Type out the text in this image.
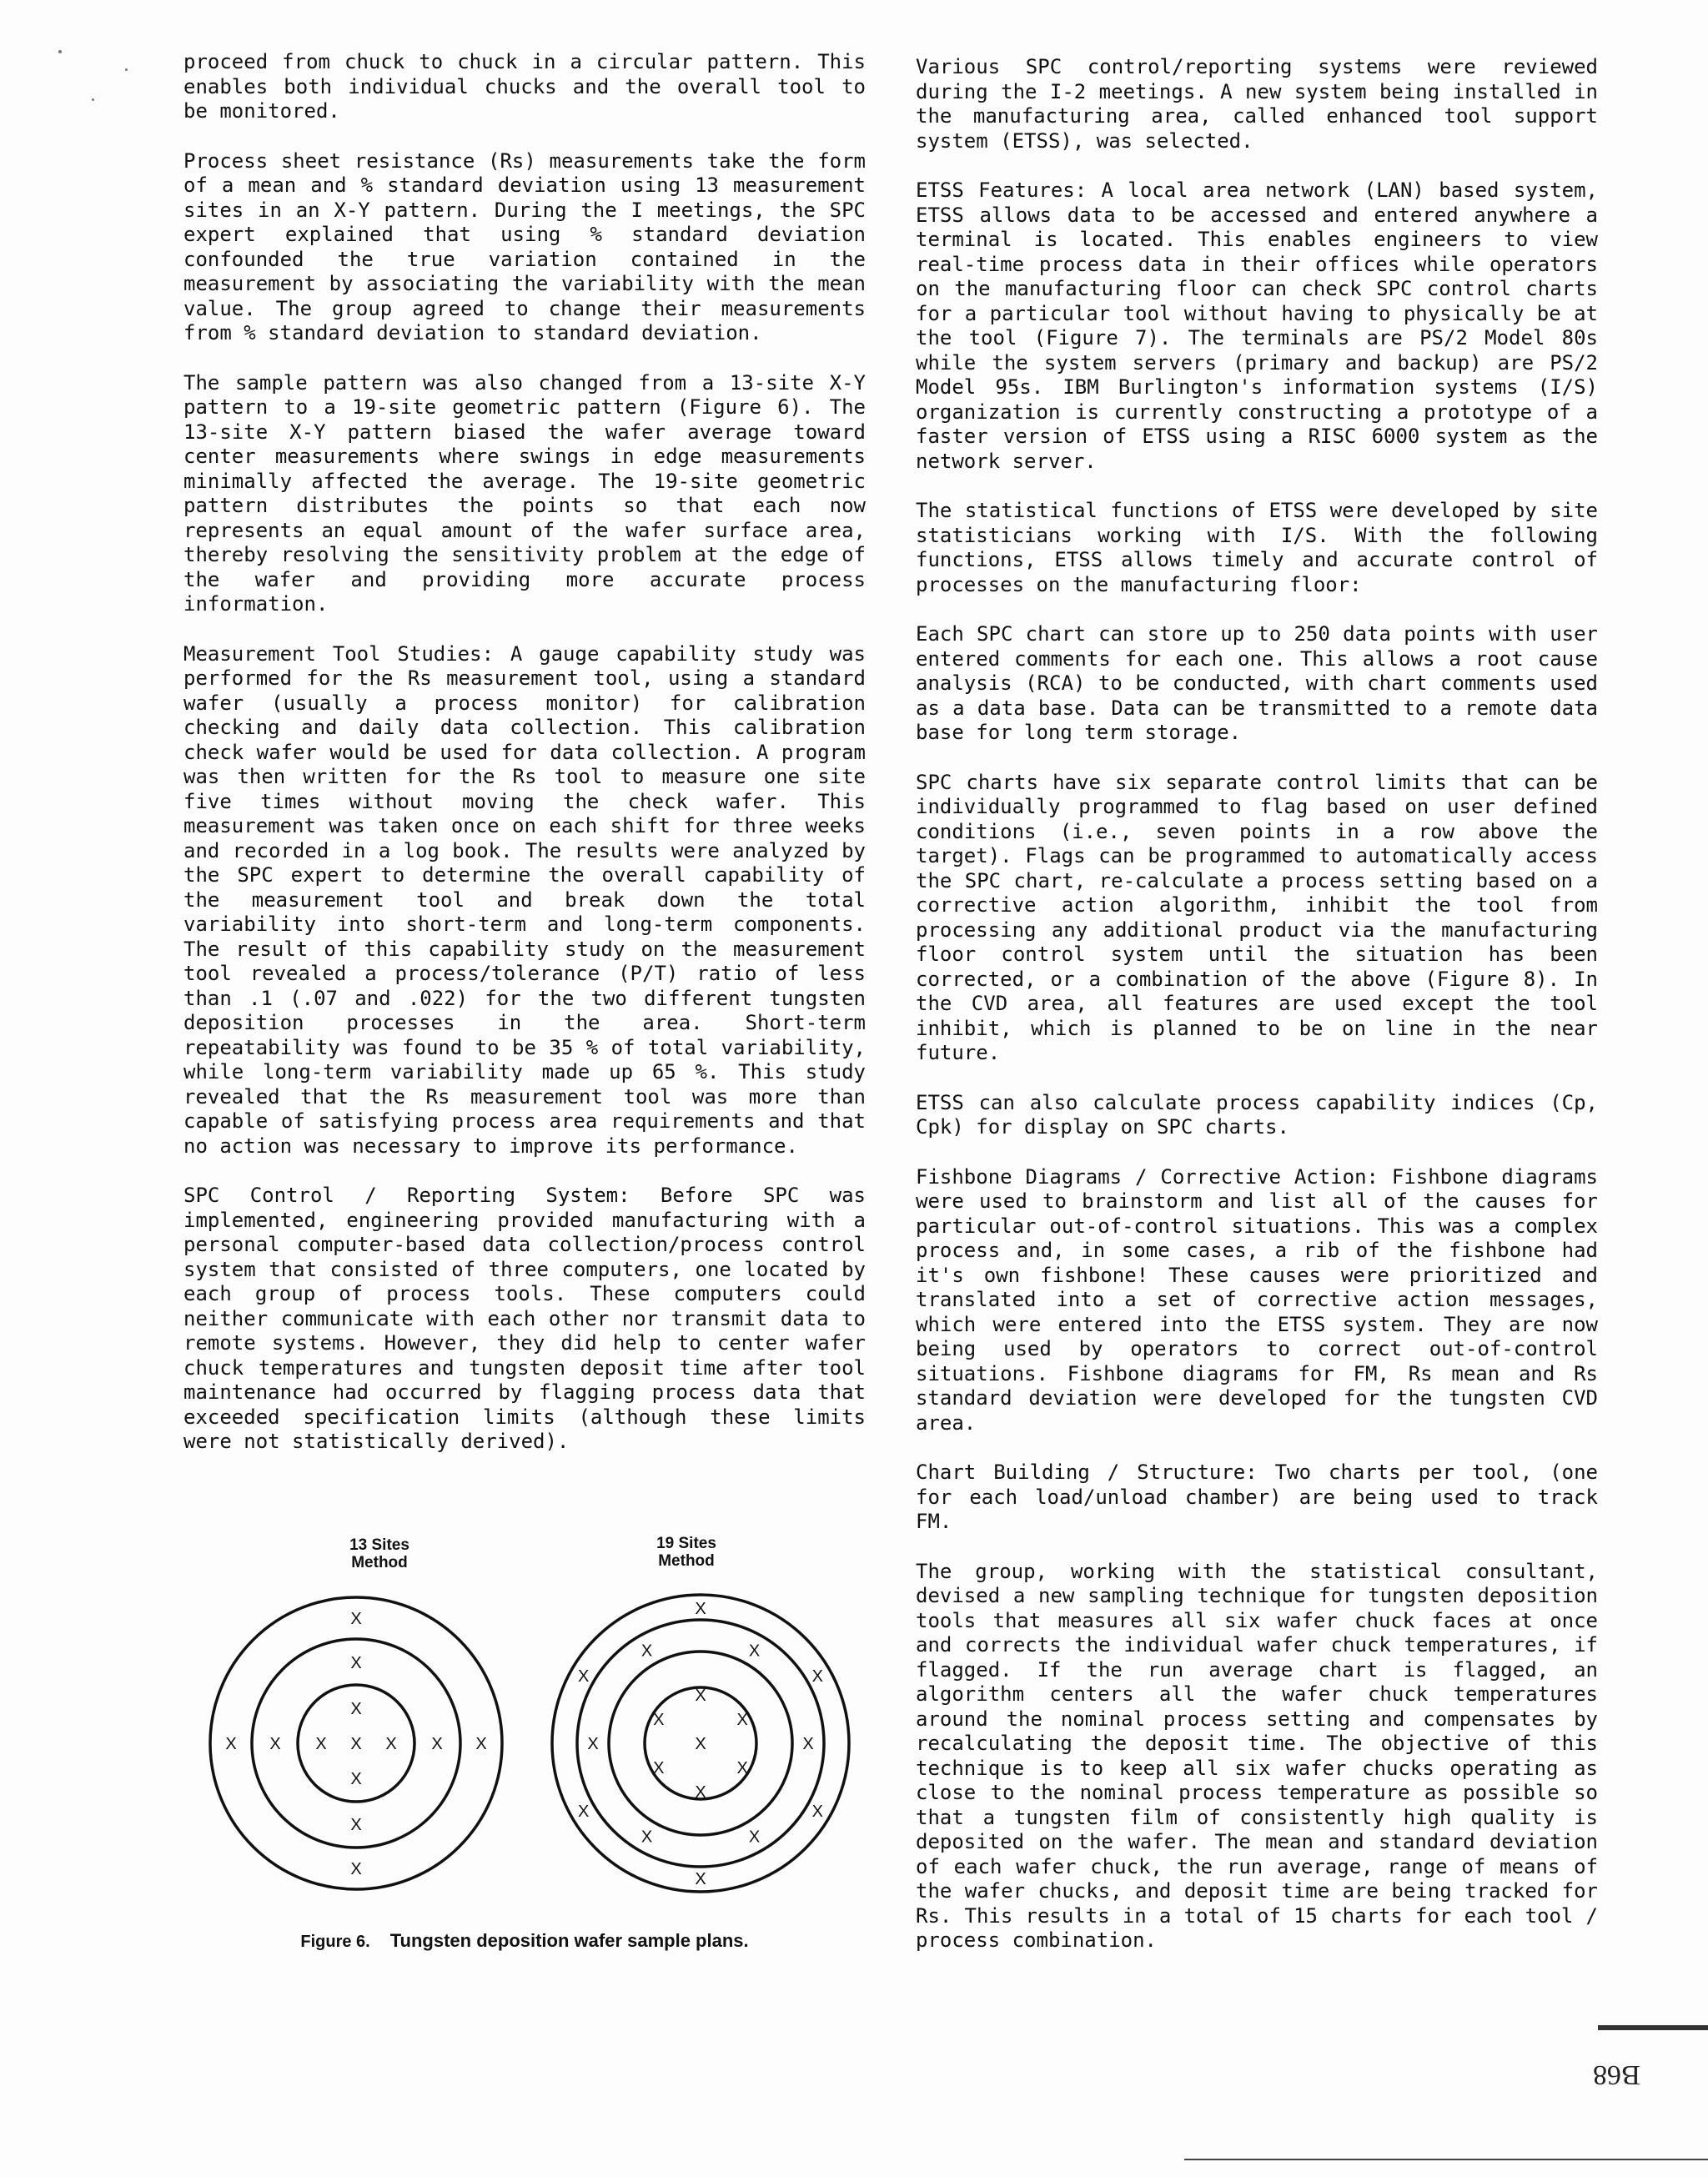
proceed from chuck to chuck in a circular pattern. This enables both individual chucks and the overall tool to be monitored.

Process sheet resistance (Rs) measurements take the form of a mean and % standard deviation using 13 measurement sites in an X-Y pattern. During the I meetings, the SPC expert explained that using % standard deviation confounded the true variation contained in the measurement by associating the variability with the mean value. The group agreed to change their measurements from % standard deviation to standard deviation.

The sample pattern was also changed from a 13-site X-Y pattern to a 19-site geometric pattern (Figure 6). The 13-site X-Y pattern biased the wafer average toward center measurements where swings in edge measurements minimally affected the average. The 19-site geometric pattern distributes the points so that each now represents an equal amount of the wafer surface area, thereby resolving the sensitivity problem at the edge of the wafer and providing more accurate process information.

Measurement Tool Studies: A gauge capability study was performed for the Rs measurement tool, using a standard wafer (usually a process monitor) for calibration checking and daily data collection. This calibration check wafer would be used for data collection. A program was then written for the Rs tool to measure one site five times without moving the check wafer. This measurement was taken once on each shift for three weeks and recorded in a log book. The results were analyzed by the SPC expert to determine the overall capability of the measurement tool and break down the total variability into short-term and long-term components. The result of this capability study on the measurement tool revealed a process/tolerance (P/T) ratio of less than .1 (.07 and .022) for the two different tungsten deposition processes in the area. Short-term repeatability was found to be 35 % of total variability, while long-term variability made up 65 %. This study revealed that the Rs measurement tool was more than capable of satisfying process area requirements and that no action was necessary to improve its performance.

SPC Control / Reporting System: Before SPC was implemented, engineering provided manufacturing with a personal computer-based data collection/process control system that consisted of three computers, one located by each group of process tools. These computers could neither communicate with each other nor transmit data to remote systems. However, they did help to center wafer chuck temperatures and tungsten deposit time after tool maintenance had occurred by flagging process data that exceeded specification limits (although these limits were not statistically derived).

13 Sites
Method
19 Sites
Method
X
X	X
X
X
X	X
X
X
X	X
X
X
X
X
X
X
X
X
X
X
X
X
X
X
X
X
X
X
X
X
X
Figure 6. Tungsten deposition wafer sample plans.

Various SPC control/reporting systems were reviewed during the I-2 meetings. A new system being installed in the manufacturing area, called enhanced tool support system (ETSS), was selected.

ETSS Features: A local area network (LAN) based system, ETSS allows data to be accessed and entered anywhere a terminal is located. This enables engineers to view real-time process data in their offices while operators on the manufacturing floor can check SPC control charts for a particular tool without having to physically be at the tool (Figure 7). The terminals are PS/2 Model 80s while the system servers (primary and backup) are PS/2 Model 95s. IBM Burlington's information systems (I/S) organization is currently constructing a prototype of a faster version of ETSS using a RISC 6000 system as the network server.

The statistical functions of ETSS were developed by site statisticians working with I/S. With the following functions, ETSS allows timely and accurate control of processes on the manufacturing floor:

Each SPC chart can store up to 250 data points with user entered comments for each one. This allows a root cause analysis (RCA) to be conducted, with chart comments used as a data base. Data can be transmitted to a remote data base for long term storage.

SPC charts have six separate control limits that can be individually programmed to flag based on user defined conditions (i.e., seven points in a row above the target). Flags can be programmed to automatically access the SPC chart, re-calculate a process setting based on a corrective action algorithm, inhibit the tool from processing any additional product via the manufacturing floor control system until the situation has been corrected, or a combination of the above (Figure 8). In the CVD area, all features are used except the tool inhibit, which is planned to be on line in the near future.

ETSS can also calculate process capability indices (Cp, Cpk) for display on SPC charts.

Fishbone Diagrams / Corrective Action: Fishbone diagrams were used to brainstorm and list all of the causes for particular out-of-control situations. This was a complex process and, in some cases, a rib of the fishbone had it's own fishbone! These causes were prioritized and translated into a set of corrective action messages, which were entered into the ETSS system. They are now being used by operators to correct out-of-control situations. Fishbone diagrams for FM, Rs mean and Rs standard deviation were developed for the tungsten CVD area.

Chart Building / Structure: Two charts per tool, (one for each load/unload chamber) are being used to track FM.

The group, working with the statistical consultant, devised a new sampling technique for tungsten deposition tools that measures all six wafer chuck faces at once and corrects the individual wafer chuck temperatures, if flagged. If the run average chart is flagged, an algorithm centers all the wafer chuck temperatures around the nominal process setting and compensates by recalculating the deposit time. The objective of this technique is to keep all six wafer chucks operating as close to the nominal process temperature as possible so that a tungsten film of consistently high quality is deposited on the wafer. The mean and standard deviation of each wafer chuck, the run average, range of means of the wafer chucks, and deposit time are being tracked for Rs. This results in a total of 15 charts for each tool / process combination.

B68
